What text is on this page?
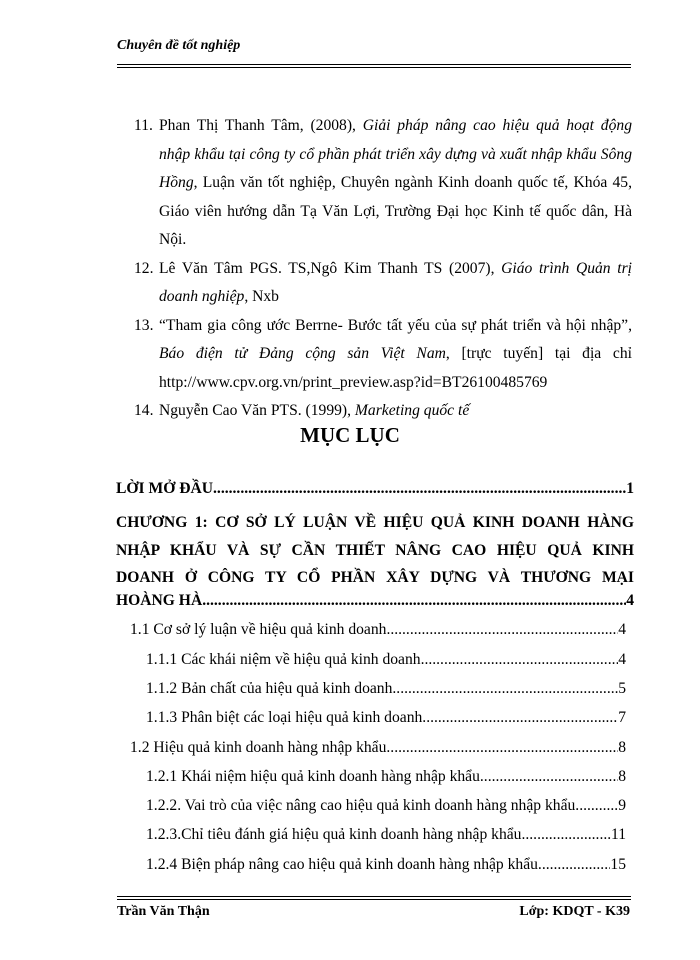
Chuyên đề tốt nghiệp
11. Phan Thị Thanh Tâm, (2008), Giải pháp nâng cao hiệu quả hoạt động nhập khẩu tại công ty cổ phần phát triển xây dựng và xuất nhập khẩu Sông Hồng, Luận văn tốt nghiệp, Chuyên ngành Kinh doanh quốc tế, Khóa 45, Giáo viên hướng dẫn Tạ Văn Lợi, Trường Đại học Kinh tế quốc dân, Hà Nội.
12. Lê Văn Tâm PGS. TS,Ngô Kim Thanh TS (2007), Giáo trình Quản trị doanh nghiệp, Nxb
13. “Tham gia công ước Berrne- Bước tất yếu của sự phát triển và hội nhập”, Báo điện tử Đảng cộng sản Việt Nam, [trực tuyến] tại địa chỉ http://www.cpv.org.vn/print_preview.asp?id=BT26100485769
14. Nguyễn Cao Văn PTS. (1999), Marketing quốc tế
MỤC LỤC
LỜI MỞ ĐẦU .....	1
CHƯƠNG 1: CƠ SỞ LÝ LUẬN VỀ HIỆU QUẢ KINH DOANH HÀNG
NHẬP KHẨU VÀ SỰ CẦN THIẾT NÂNG CAO HIỆU QUẢ KINH
DOANH Ở CÔNG TY CỔ PHẦN XÂY DỰNG VÀ THƯƠNG MẠI
HOÀNG HÀ .....	4
1.1 Cơ sở lý luận về hiệu quả kinh doanh .....	4
1.1.1 Các khái niệm về hiệu quả kinh doanh .....	4
1.1.2 Bản chất của hiệu quả kinh doanh .....	5
1.1.3 Phân biệt các loại hiệu quả kinh doanh .....	7
1.2 Hiệu quả kinh doanh hàng nhập khẩu .....	8
1.2.1 Khái niệm hiệu quả kinh doanh hàng nhập khẩu .....	8
1.2.2. Vai trò của việc nâng cao hiệu quả kinh doanh hàng nhập khẩu .....	9
1.2.3.Chỉ tiêu đánh giá hiệu quả kinh doanh hàng nhập khẩu .....	11
1.2.4 Biện pháp nâng cao hiệu quả kinh doanh hàng nhập khẩu .....	15
Trần Văn Thận	Lớp: KDQT - K39
